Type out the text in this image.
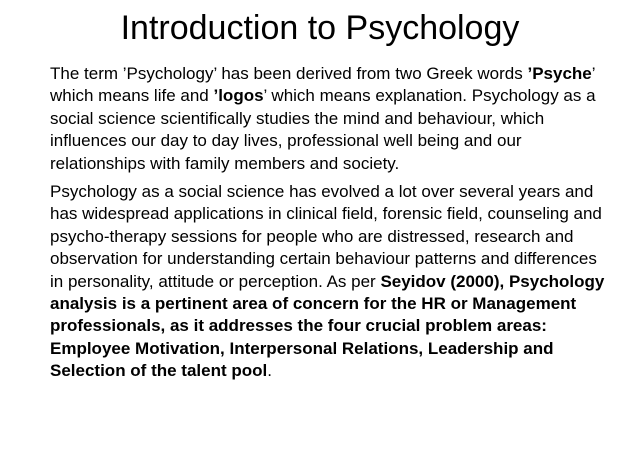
Introduction to Psychology

The term ’Psychology’ has been derived from two Greek words ’Psyche’ which means life and ’logos’ which means explanation. Psychology as a social science scientifically studies the mind and behaviour, which influences our day to day lives, professional well being and our relationships with family members and society.

Psychology as a social science has evolved a lot over several years and has widespread applications in clinical field, forensic field, counseling and psycho-therapy sessions for people who are distressed, research and observation for understanding certain behaviour patterns and differences in personality, attitude or perception. As per Seyidov (2000), Psychology analysis is a pertinent area of concern for the HR or Management professionals, as it addresses the four crucial problem areas: Employee Motivation, Interpersonal Relations, Leadership and Selection of the talent pool.
